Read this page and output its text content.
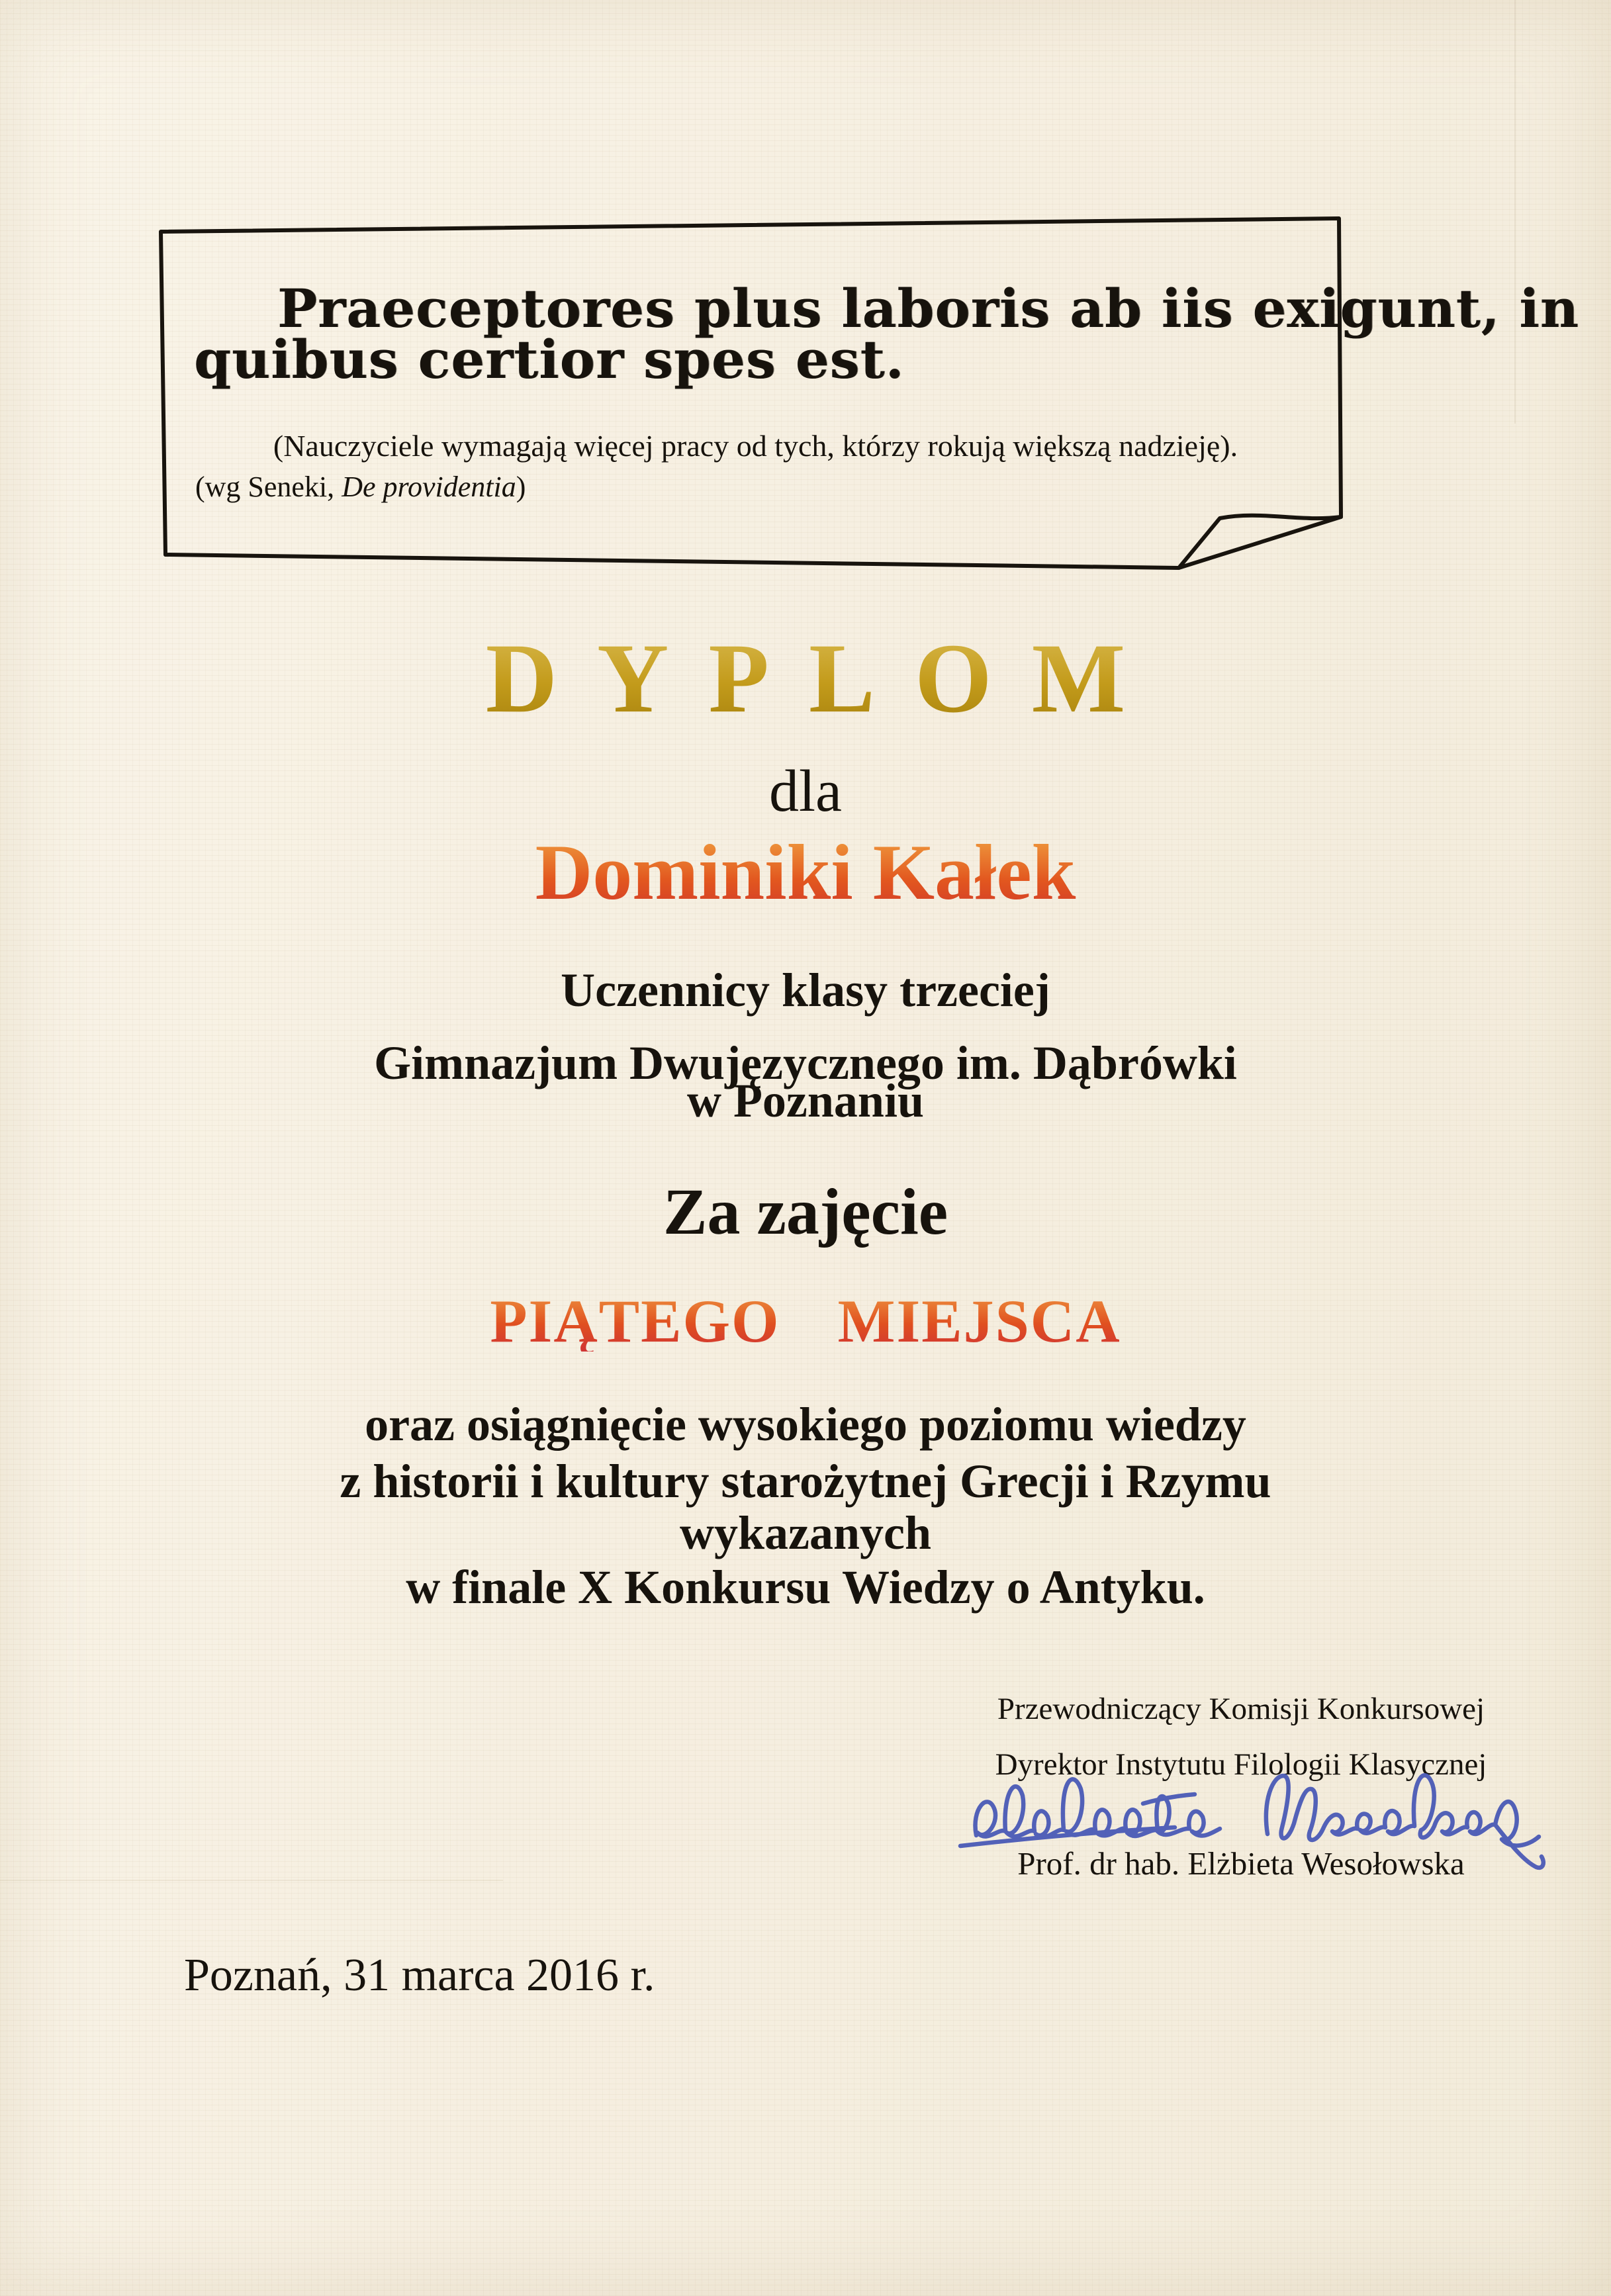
Praeceptores plus laboris ab iis exigunt, in
quibus certior spes est.
(Nauczyciele wymagają więcej pracy od tych, którzy rokują większą nadzieję).
(wg Seneki, De providentia)
DYPLOM
dla
Dominiki Kałek
Uczennicy klasy trzeciej
Gimnazjum Dwujęzycznego im. Dąbrówki
w Poznaniu
Za zajęcie
PIĄTEGO MIEJSCA
oraz osiągnięcie wysokiego poziomu wiedzy
z historii i kultury starożytnej Grecji i Rzymu
wykazanych
w finale X Konkursu Wiedzy o Antyku.
Przewodniczący Komisji Konkursowej
Dyrektor Instytutu Filologii Klasycznej
Prof. dr hab. Elżbieta Wesołowska
Poznań, 31 marca 2016 r.
